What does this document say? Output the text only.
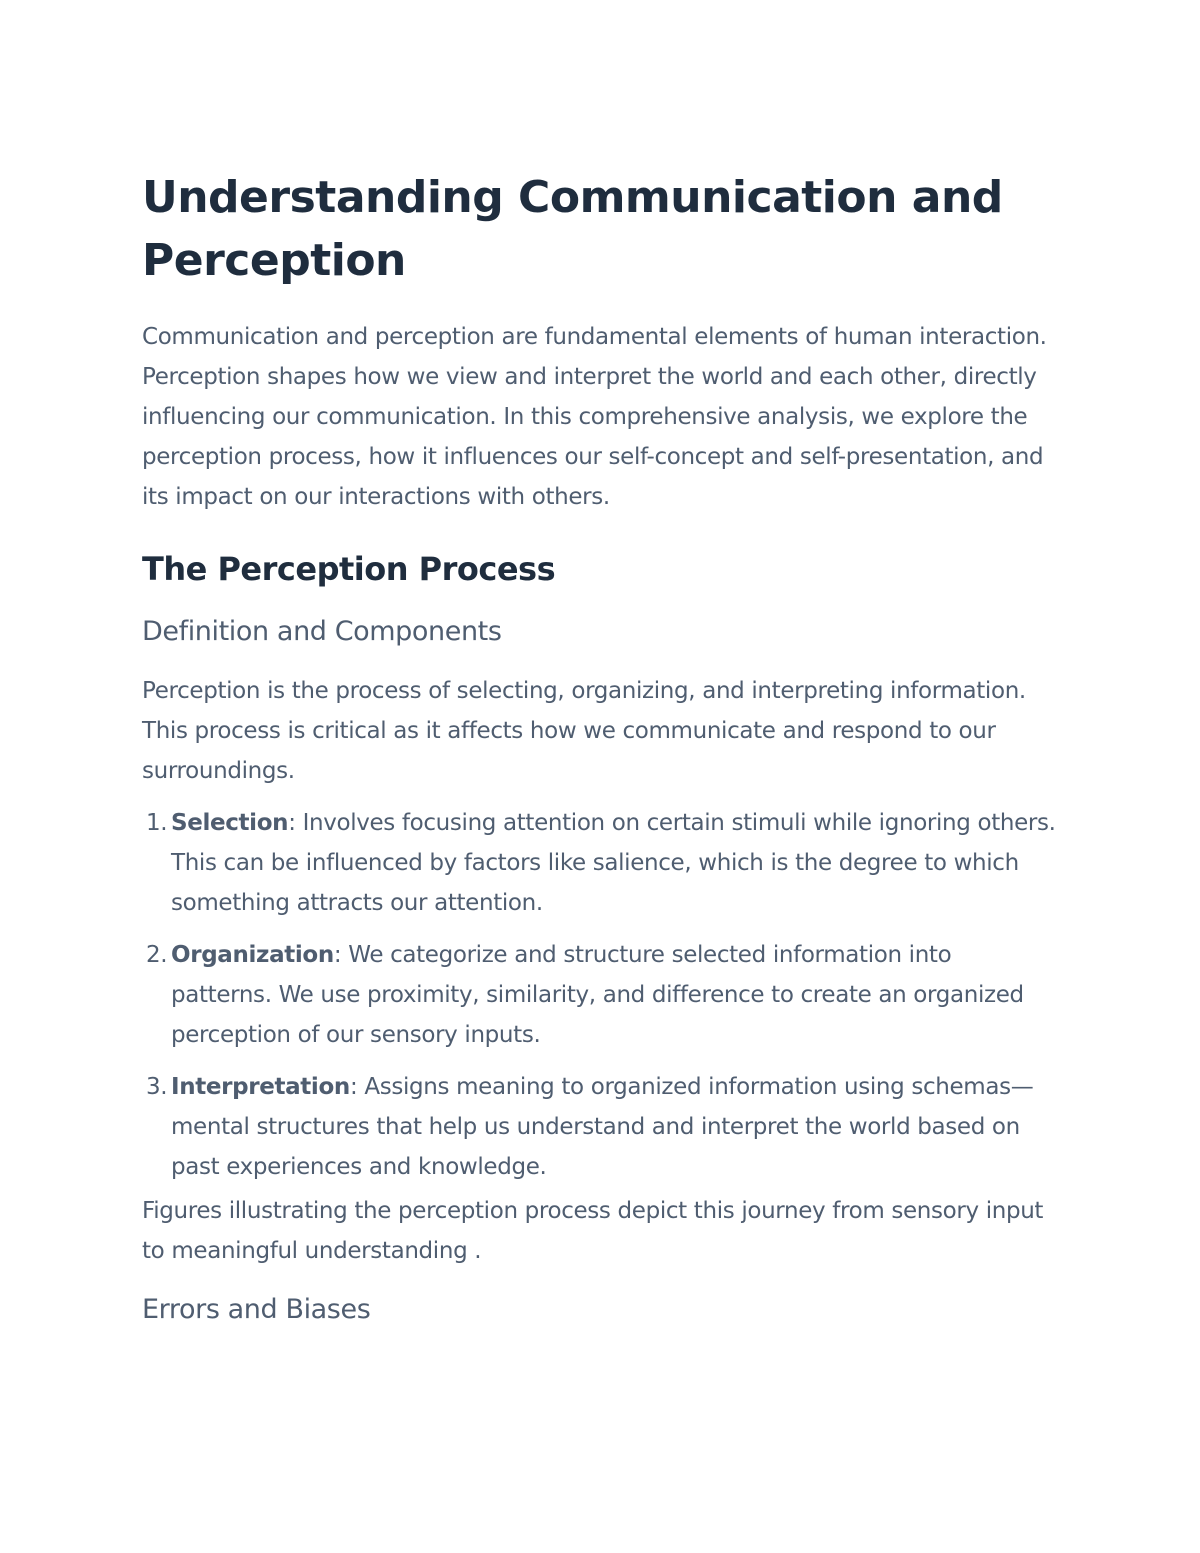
Understanding Communication and Perception

Communication and perception are fundamental elements of human interaction. Perception shapes how we view and interpret the world and each other, directly influencing our communication. In this comprehensive analysis, we explore the perception process, how it influences our self-concept and self-presentation, and its impact on our interactions with others.

The Perception Process
Definition and Components

Perception is the process of selecting, organizing, and interpreting information. This process is critical as it affects how we communicate and respond to our surroundings.

1. Selection: Involves focusing attention on certain stimuli while ignoring others. This can be influenced by factors like salience, which is the degree to which something attracts our attention.
2. Organization: We categorize and structure selected information into patterns. We use proximity, similarity, and difference to create an organized perception of our sensory inputs.
3. Interpretation: Assigns meaning to organized information using schemas—mental structures that help us understand and interpret the world based on past experiences and knowledge.

Figures illustrating the perception process depict this journey from sensory input to meaningful understanding .

Errors and Biases
